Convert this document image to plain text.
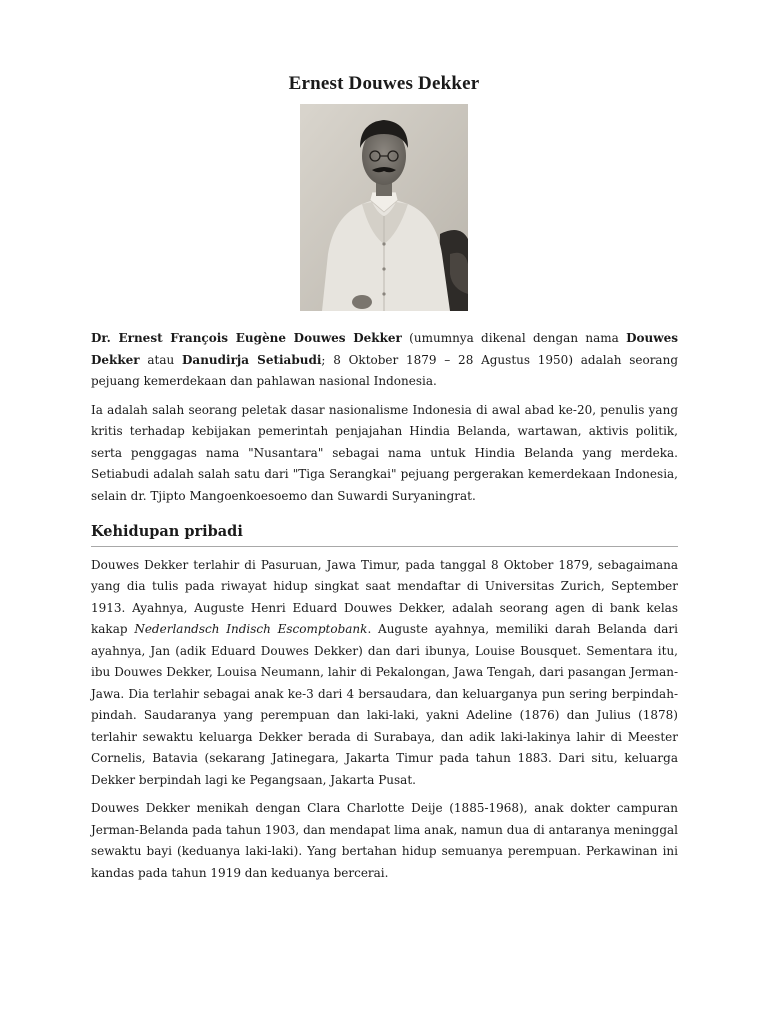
Ernest Douwes Dekker

Dr. Ernest François Eugène Douwes Dekker (umumnya dikenal dengan nama Douwes Dekker atau Danudirja Setiabudi; 8 Oktober 1879 – 28 Agustus 1950) adalah seorang pejuang kemerdekaan dan pahlawan nasional Indonesia.

Ia adalah salah seorang peletak dasar nasionalisme Indonesia di awal abad ke-20, penulis yang kritis terhadap kebijakan pemerintah penjajahan Hindia Belanda, wartawan, aktivis politik, serta penggagas nama "Nusantara" sebagai nama untuk Hindia Belanda yang merdeka. Setiabudi adalah salah satu dari "Tiga Serangkai" pejuang pergerakan kemerdekaan Indonesia, selain dr. Tjipto Mangoenkoesoemo dan Suwardi Suryaningrat.

Kehidupan pribadi

Douwes Dekker terlahir di Pasuruan, Jawa Timur, pada tanggal 8 Oktober 1879, sebagaimana yang dia tulis pada riwayat hidup singkat saat mendaftar di Universitas Zurich, September 1913. Ayahnya, Auguste Henri Eduard Douwes Dekker, adalah seorang agen di bank kelas kakap Nederlandsch Indisch Escomptobank. Auguste ayahnya, memiliki darah Belanda dari ayahnya, Jan (adik Eduard Douwes Dekker) dan dari ibunya, Louise Bousquet. Sementara itu, ibu Douwes Dekker, Louisa Neumann, lahir di Pekalongan, Jawa Tengah, dari pasangan Jerman-Jawa. Dia terlahir sebagai anak ke-3 dari 4 bersaudara, dan keluarganya pun sering berpindah-pindah. Saudaranya yang perempuan dan laki-laki, yakni Adeline (1876) dan Julius (1878) terlahir sewaktu keluarga Dekker berada di Surabaya, dan adik laki-lakinya lahir di Meester Cornelis, Batavia (sekarang Jatinegara, Jakarta Timur pada tahun 1883. Dari situ, keluarga Dekker berpindah lagi ke Pegangsaan, Jakarta Pusat.

Douwes Dekker menikah dengan Clara Charlotte Deije (1885-1968), anak dokter campuran Jerman-Belanda pada tahun 1903, dan mendapat lima anak, namun dua di antaranya meninggal sewaktu bayi (keduanya laki-laki). Yang bertahan hidup semuanya perempuan. Perkawinan ini kandas pada tahun 1919 dan keduanya bercerai.
